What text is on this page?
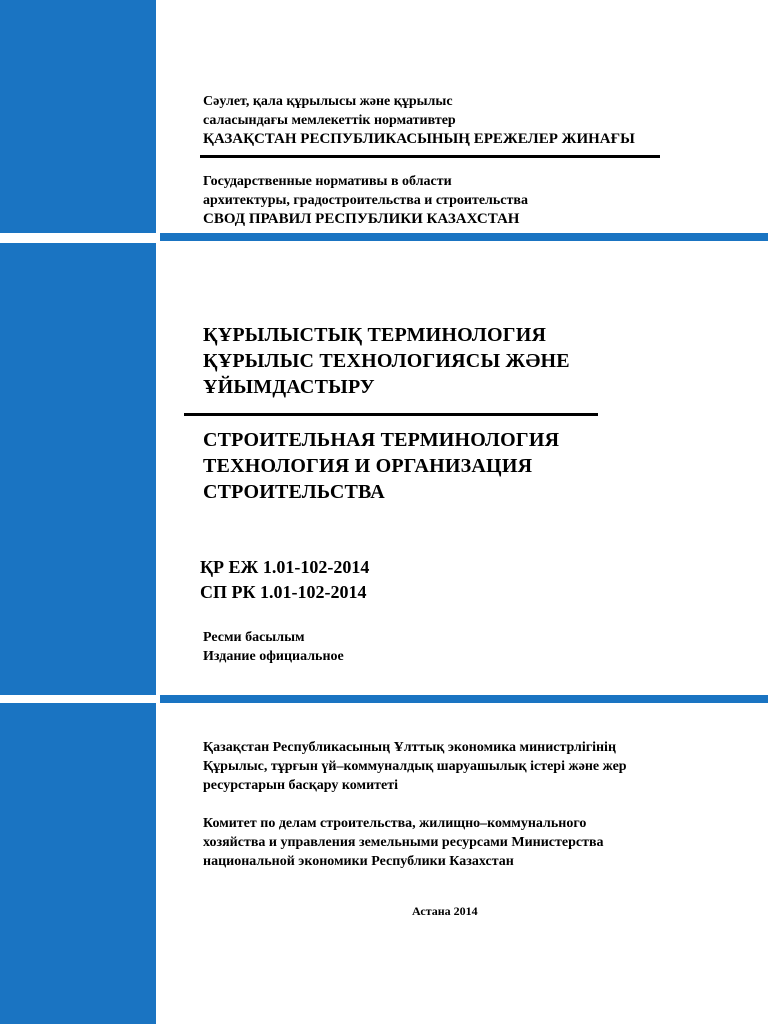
Сәулет, қала құрылысы және құрылыс
саласындағы мемлекеттік нормативтер
ҚАЗАҚСТАН РЕСПУБЛИКАСЫНЫҢ ЕРЕЖЕЛЕР ЖИНАҒЫ
Государственные нормативы в области
архитектуры, градостроительства и строительства
СВОД ПРАВИЛ РЕСПУБЛИКИ КАЗАХСТАН
ҚҰРЫЛЫСТЫҚ ТЕРМИНОЛОГИЯ
ҚҰРЫЛЫС ТЕХНОЛОГИЯСЫ ЖӘНЕ
ҰЙЫМДАСТЫРУ
СТРОИТЕЛЬНАЯ ТЕРМИНОЛОГИЯ
ТЕХНОЛОГИЯ И ОРГАНИЗАЦИЯ
СТРОИТЕЛЬСТВА
ҚР ЕЖ 1.01-102-2014
СП РК 1.01-102-2014
Ресми басылым
Издание официальное
Қазақстан Республикасының Ұлттық экономика министрлігінің
Құрылыс, тұрғын үй–коммуналдық шаруашылық істері және жер
ресурстарын басқару комитеті
Комитет по делам строительства, жилищно–коммунального
хозяйства и управления земельными ресурсами Министерства
национальной экономики Республики Казахстан
Астана 2014
